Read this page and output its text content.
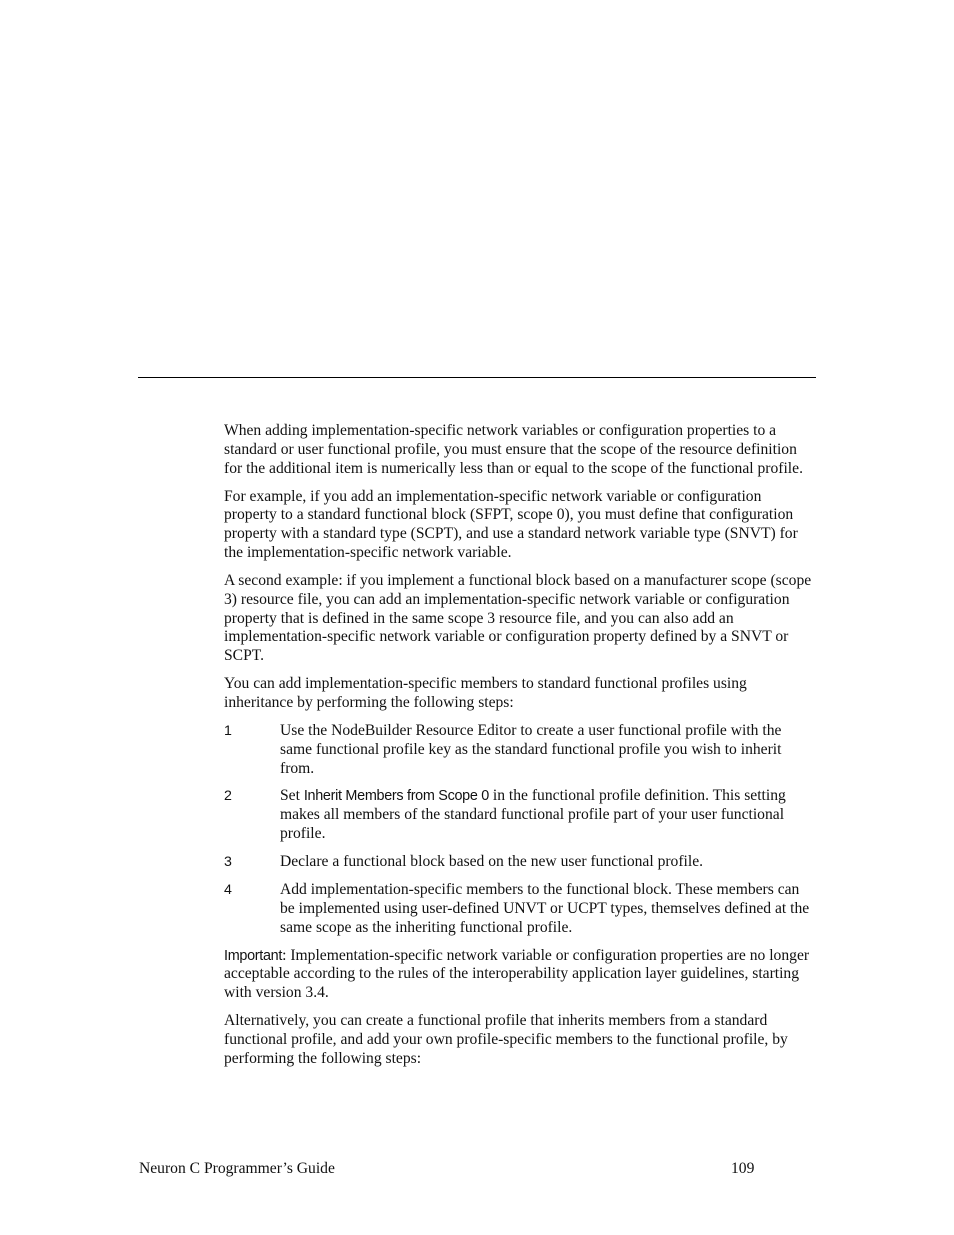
When adding implementation-specific network variables or configuration properties to a standard or user functional profile, you must ensure that the scope of the resource definition for the additional item is numerically less than or equal to the scope of the functional profile.

For example, if you add an implementation-specific network variable or configuration property to a standard functional block (SFPT, scope 0), you must define that configuration property with a standard type (SCPT), and use a standard network variable type (SNVT) for the implementation-specific network variable.

A second example: if you implement a functional block based on a manufacturer scope (scope 3) resource file, you can add an implementation-specific network variable or configuration property that is defined in the same scope 3 resource file, and you can also add an implementation-specific network variable or configuration property defined by a SNVT or SCPT.

You can add implementation-specific members to standard functional profiles using inheritance by performing the following steps:

1	Use the NodeBuilder Resource Editor to create a user functional profile with the same functional profile key as the standard functional profile you wish to inherit from.
2	Set Inherit Members from Scope 0 in the functional profile definition. This setting makes all members of the standard functional profile part of your user functional profile.
3	Declare a functional block based on the new user functional profile.
4	Add implementation-specific members to the functional block. These members can be implemented using user-defined UNVT or UCPT types, themselves defined at the same scope as the inheriting functional profile.

Important: Implementation-specific network variable or configuration properties are no longer acceptable according to the rules of the interoperability application layer guidelines, starting with version 3.4.

Alternatively, you can create a functional profile that inherits members from a standard functional profile, and add your own profile-specific members to the functional profile, by performing the following steps:

Neuron C Programmer’s Guide	109
